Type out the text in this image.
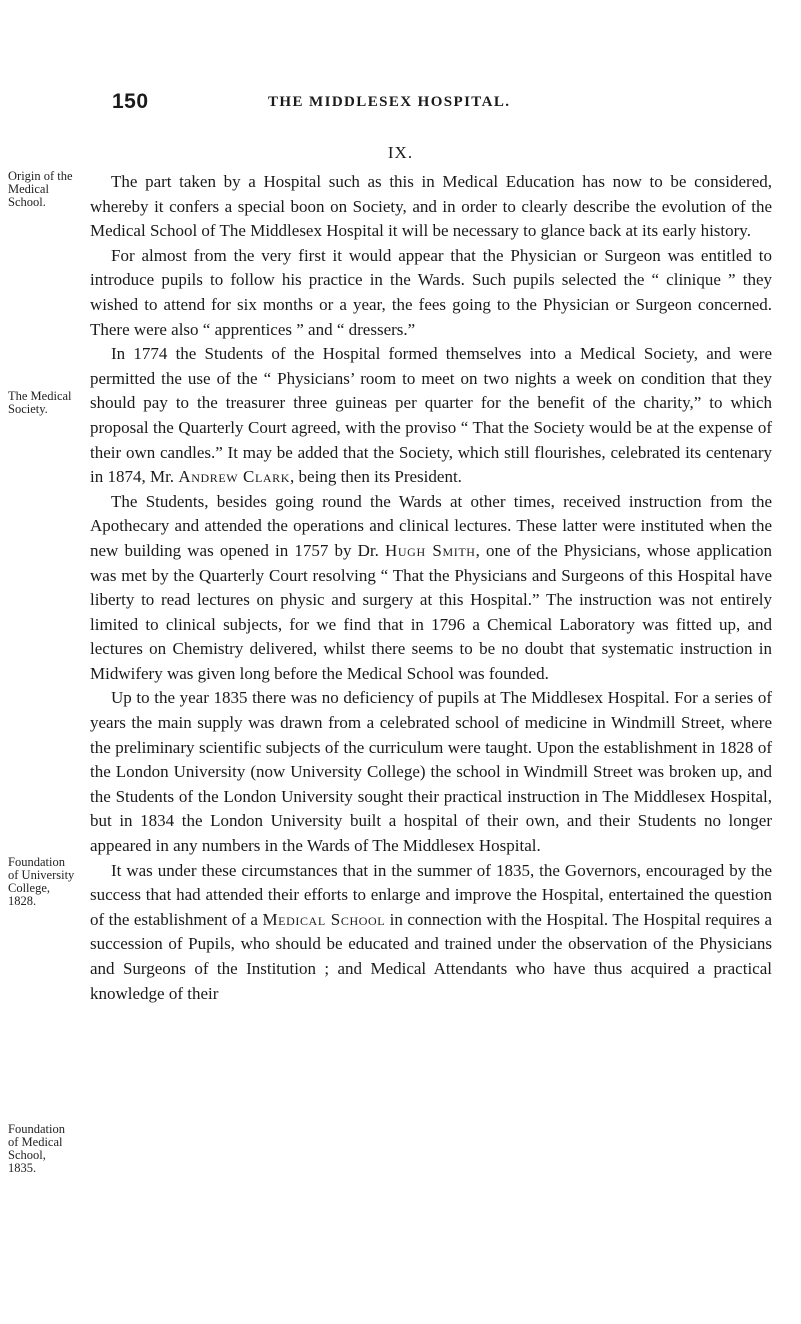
150	THE MIDDLESEX HOSPITAL.
IX.
Origin of the Medical School.
The Medical Society.
Foundation of University College, 1828.
Foundation of Medical School, 1835.

The part taken by a Hospital such as this in Medical Education has now to be considered, whereby it confers a special boon on Society, and in order to clearly describe the evolution of the Medical School of The Middlesex Hospital it will be necessary to glance back at its early history.

For almost from the very first it would appear that the Physician or Surgeon was entitled to introduce pupils to follow his practice in the Wards. Such pupils selected the “ clinique ” they wished to attend for six months or a year, the fees going to the Physician or Surgeon concerned. There were also “ apprentices ” and “ dressers.”

In 1774 the Students of the Hospital formed themselves into a Medical Society, and were permitted the use of the “ Physicians’ room to meet on two nights a week on condition that they should pay to the treasurer three guineas per quarter for the benefit of the charity,” to which proposal the Quarterly Court agreed, with the proviso “ That the Society would be at the expense of their own candles.” It may be added that the Society, which still flourishes, celebrated its centenary in 1874, Mr. Andrew Clark, being then its President.

The Students, besides going round the Wards at other times, received instruction from the Apothecary and attended the operations and clinical lectures. These latter were instituted when the new building was opened in 1757 by Dr. Hugh Smith, one of the Physicians, whose application was met by the Quarterly Court resolving “ That the Physicians and Surgeons of this Hospital have liberty to read lectures on physic and surgery at this Hospital.” The instruction was not entirely limited to clinical subjects, for we find that in 1796 a Chemical Laboratory was fitted up, and lectures on Chemistry delivered, whilst there seems to be no doubt that systematic instruction in Midwifery was given long before the Medical School was founded.

Up to the year 1835 there was no deficiency of pupils at The Middlesex Hospital. For a series of years the main supply was drawn from a celebrated school of medicine in Windmill Street, where the preliminary scientific subjects of the curriculum were taught. Upon the establishment in 1828 of the London University (now University College) the school in Windmill Street was broken up, and the Students of the London University sought their practical instruction in The Middlesex Hospital, but in 1834 the London University built a hospital of their own, and their Students no longer appeared in any numbers in the Wards of The Middlesex Hospital.

It was under these circumstances that in the summer of 1835, the Governors, encouraged by the success that had attended their efforts to enlarge and improve the Hospital, entertained the question of the establishment of a Medical School in connection with the Hospital. The Hospital requires a succession of Pupils, who should be educated and trained under the observation of the Physicians and Surgeons of the Institution ; and Medical Attendants who have thus acquired a practical knowledge of their
